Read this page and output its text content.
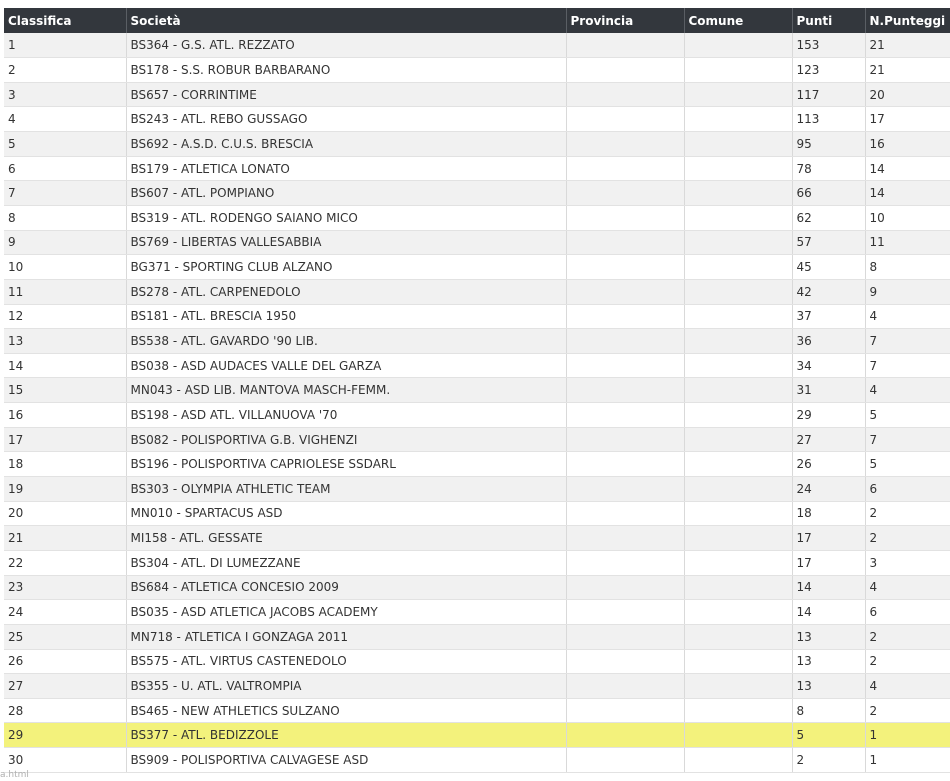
Classifica	Società	Provincia	Comune	Punti	N.Punteggi
1	BS364 - G.S. ATL. REZZATO			153	21
2	BS178 - S.S. ROBUR BARBARANO			123	21
3	BS657 - CORRINTIME			117	20
4	BS243 - ATL. REBO GUSSAGO			113	17
5	BS692 - A.S.D. C.U.S. BRESCIA			95	16
6	BS179 - ATLETICA LONATO			78	14
7	BS607 - ATL. POMPIANO			66	14
8	BS319 - ATL. RODENGO SAIANO MICO			62	10
9	BS769 - LIBERTAS VALLESABBIA			57	11
10	BG371 - SPORTING CLUB ALZANO			45	8
11	BS278 - ATL. CARPENEDOLO			42	9
12	BS181 - ATL. BRESCIA 1950			37	4
13	BS538 - ATL. GAVARDO '90 LIB.			36	7
14	BS038 - ASD AUDACES VALLE DEL GARZA			34	7
15	MN043 - ASD LIB. MANTOVA MASCH-FEMM.			31	4
16	BS198 - ASD ATL. VILLANUOVA '70			29	5
17	BS082 - POLISPORTIVA G.B. VIGHENZI			27	7
18	BS196 - POLISPORTIVA CAPRIOLESE SSDARL			26	5
19	BS303 - OLYMPIA ATHLETIC TEAM			24	6
20	MN010 - SPARTACUS ASD			18	2
21	MI158 - ATL. GESSATE			17	2
22	BS304 - ATL. DI LUMEZZANE			17	3
23	BS684 - ATLETICA CONCESIO 2009			14	4
24	BS035 - ASD ATLETICA JACOBS ACADEMY			14	6
25	MN718 - ATLETICA I GONZAGA 2011			13	2
26	BS575 - ATL. VIRTUS CASTENEDOLO			13	2
27	BS355 - U. ATL. VALTROMPIA			13	4
28	BS465 - NEW ATHLETICS SULZANO			8	2
29	BS377 - ATL. BEDIZZOLE			5	1
30	BS909 - POLISPORTIVA CALVAGESE ASD			2	1
a.html
